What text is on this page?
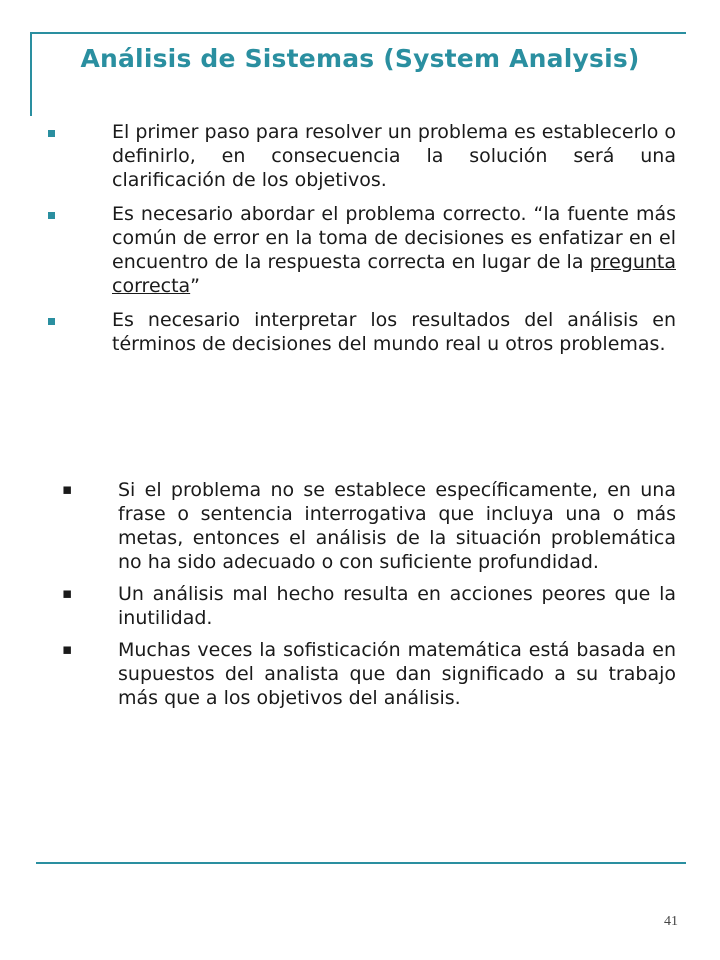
Análisis de Sistemas (System Analysis)
El primer paso para resolver un problema es establecerlo o definirlo, en consecuencia la solución será una clarificación de los objetivos.
Es necesario abordar el problema correcto. “la fuente más común de error en la toma de decisiones es enfatizar en el encuentro de la respuesta correcta en lugar de la pregunta correcta”
Es necesario interpretar los resultados del análisis en términos de decisiones del mundo real u otros problemas.
▪ Si el problema no se establece específicamente, en una frase o sentencia interrogativa que incluya una o más metas, entonces el análisis de la situación problemática no ha sido adecuado o con suficiente profundidad.
▪ Un análisis mal hecho resulta en acciones peores que la inutilidad.
▪ Muchas veces la sofisticación matemática está basada en supuestos del analista que dan significado a su trabajo más que a los objetivos del análisis.
41
